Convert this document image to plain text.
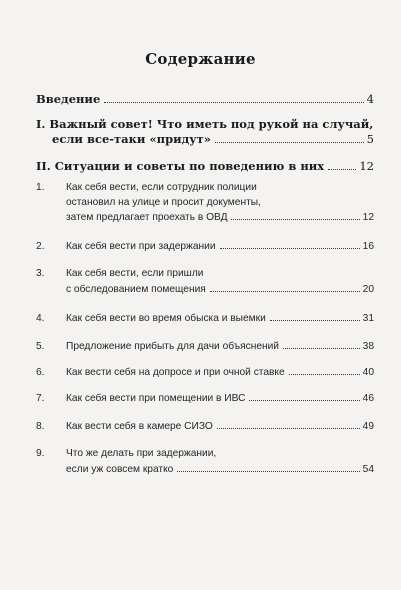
Содержание
Введение	4
I. Важный совет! Что иметь под рукой на случай,
если все-таки «придут»	5
II. Ситуации и советы по поведению в них	12
1. Как себя вести, если сотрудник полиции
остановил на улице и просит документы,
затем предлагает проехать в ОВД	12
2. Как себя вести при задержании	16
3. Как себя вести, если пришли
с обследованием помещения	20
4. Как себя вести во время обыска и выемки	31
5. Предложение прибыть для дачи объяснений	38
6. Как вести себя на допросе и при очной ставке	40
7. Как себя вести при помещении в ИВС	46
8. Как вести себя в камере СИЗО	49
9. Что же делать при задержании,
если уж совсем кратко	54
